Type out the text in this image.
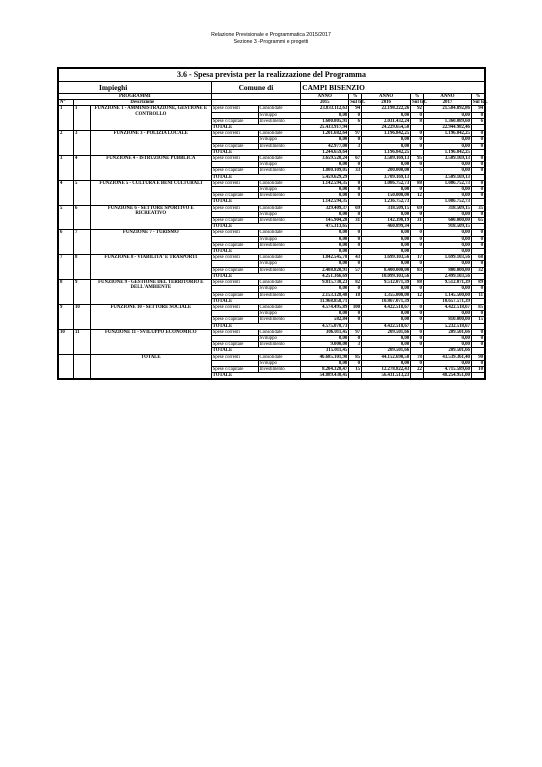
Relazione Previsionale e Programmatica 2015/2017
Sezione 3 -Programmi e progetti
3.6 - Spesa prevista per la realizzazione del Programma										
Impieghi			Comune di		CAMPI BISENZIO					
PROGRAMMI					ANNO	%	ANNO	%	ANNO	%
N°	Descrizione				2015	Sul tot.	2016	Sul tot.	2017	Sul tot.
1	1	FUNZIONE 1 - AMMINISTRAZIONE, GESTIONE E CONTROLLO	Spese correnti	Consolidate	23.833.112,63	94	22.198.222,26	92	21.584.892,86	94
				Sviluppo	0,00	0	0,00	0	0,00	0
			Spese c/capitale	Investimento	1.600.805,91	6	2.031.432,24	8	1.360.089,60	6
			TOTALE		25.433.917,94		24.229.654,50		22.944.982,46	
2	3	FUNZIONE 3 - POLIZIA LOCALE	Spese correnti	Consolidate	1.201.682,64	97	1.196.842,25	0	1.196.842,25	0
				Sviluppo	0,00	0	0,00	0	0,00	0
			Spese c/capitale	Investimento	42.977,00	3	0,00	0	0,00	0
			TOTALE		1.244.659,64		1.196.842,25		1.196.842,25	
3	4	FUNZIONE 4 - ISTRUZIONE PUBBLICA	Spese correnti	Consolidate	3.659.520,24	67	3.509.169,13	95	3.509.169,13	0
				Sviluppo	0,00	0	0,00	0	0,00	0
			Spese c/capitale	Investimento	1.800.109,05	33	200.000,00	5	0,00	0
			TOTALE		5.459.629,29		3.709.169,13		3.509.169,13	
4	5	FUNZIONE 5 - CULTURA E BENI CULTURALI	Spese correnti	Consolidate	1.142.594,35	0	1.086.752,73	88	1.086.752,73	0
				Sviluppo	0,00	0	0,00	0	0,00	0
			Spese c/capitale	Investimento	0,00	0	150.000,00	12	0,00	0
			TOTALE		1.142.594,35		1.236.752,73		1.086.752,73	
5	6	FUNZIONE 6 - SETTORE SPORTIVO E RICREATIVO	Spese correnti	Consolidate	329.409,37	69	318.509,15	69	318.509,15	35
				Sviluppo	0,00	0	0,00	0	0,00	0
			Spese c/capitale	Investimento	145.904,28	31	142.390,19	31	600.000,00	65
			TOTALE		475.313,65		460.899,34		918.509,15	
6	7	FUNZIONE 7 - TURISMO	Spese correnti	Consolidate	0,00	0	0,00	0	0,00	0
				Sviluppo	0,00	0	0,00	0	0,00	0
			Spese c/capitale	Investimento	0,00	0	0,00	0	0,00	0
			TOTALE		0,00		0,00		0,00	
7	8	FUNZIONE 8 - VIABILITA' E TRASPORTI	Spese correnti	Consolidate	1.842.545,78	43	1.699.103,56	17	1.699.103,56	68
				Sviluppo	0,00	0	0,00	0	0,00	0
			Spese c/capitale	Investimento	2.408.820,91	57	8.400.000,00	83	800.000,00	32
			TOTALE		4.251.366,69		10.099.103,56		2.499.103,56	
8	9	FUNZIONE 9 - GESTIONE DEL TERRITORIO E DELL'AMBIENTE	Spese correnti	Consolidate	9.815.730,23	82	9.512.071,39	88	9.512.071,39	89
				Sviluppo	0,00	0	0,00	0	0,00	0
			Spese c/capitale	Investimento	2.153.128,48	18	1.355.000,00	12	1.145.500,00	11
			TOTALE		11.968.858,71		10.867.071,39		10.657.571,39	
9	10	FUNZIONE 10 - SETTORE SOCIALE	Spese correnti	Consolidate	4.574.495,89	100	4.422.518,67	0	4.422.518,67	85
				Sviluppo	0,00	0	0,00	0	0,00	0
			Spese c/capitale	Investimento	582,84	0	0,00	0	810.000,00	15
			TOTALE		4.575.078,73		4.422.518,67		5.232.518,67	
10	11	FUNZIONE 11 - SVILUPPO ECONOMICO	Spese correnti	Consolidate	306.011,45	97	209.501,66	0	209.501,66	0
				Sviluppo	0,00	0	0,00	0	0,00	0
			Spese c/capitale	Investimento	9.000,00	3	0,00	0	0,00	0
			TOTALE		315.011,45		209.501,66		209.501,66	
		TOTALE	Spese correnti	Consolidate	46.685.101,98	85	44.152.690,50	78	43.539.361,40	90
				Sviluppo	0,00	0	0,00	0	0,00	0
			Spese c/capitale	Investimento	8.204.328,47	15	12.278.822,43	22	4.715.589,60	10
			TOTALE		54.889.430,45		56.431.513,23		48.254.951,00	
